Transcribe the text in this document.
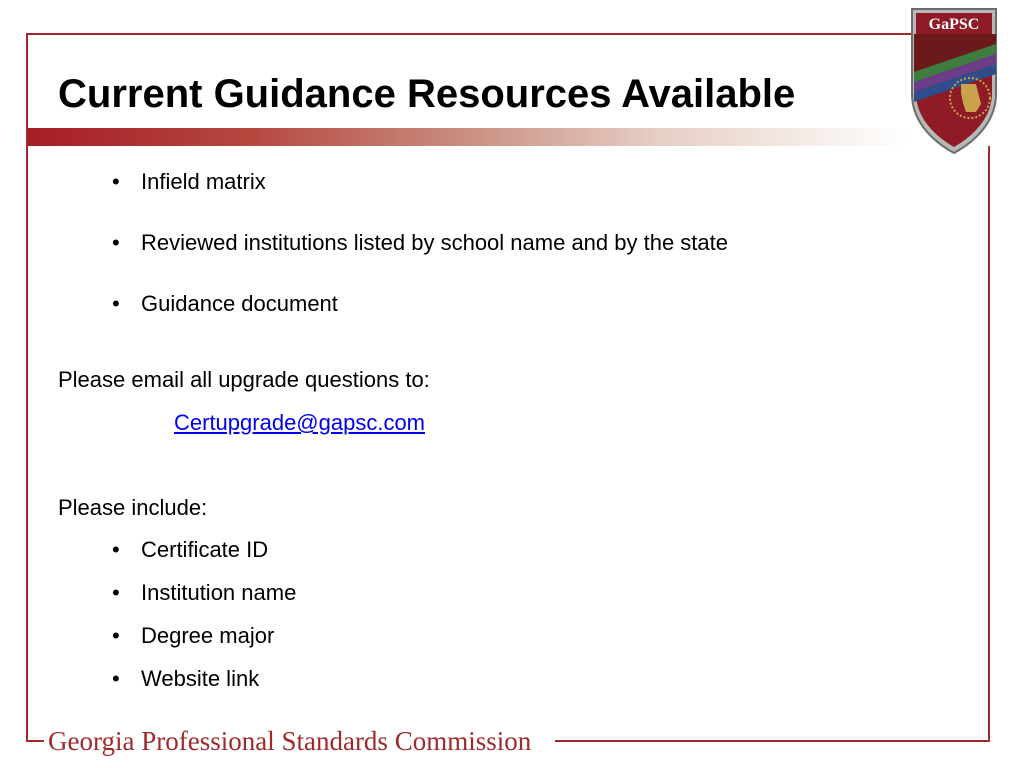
Current Guidance Resources Available
GaPSC
• Infield matrix
• Reviewed institutions listed by school name and by the state
• Guidance document

Please email all upgrade questions to:

Certupgrade@gapsc.com

Please include:

• Certificate ID
• Institution name
• Degree major
• Website link
Georgia Professional Standards Commission
